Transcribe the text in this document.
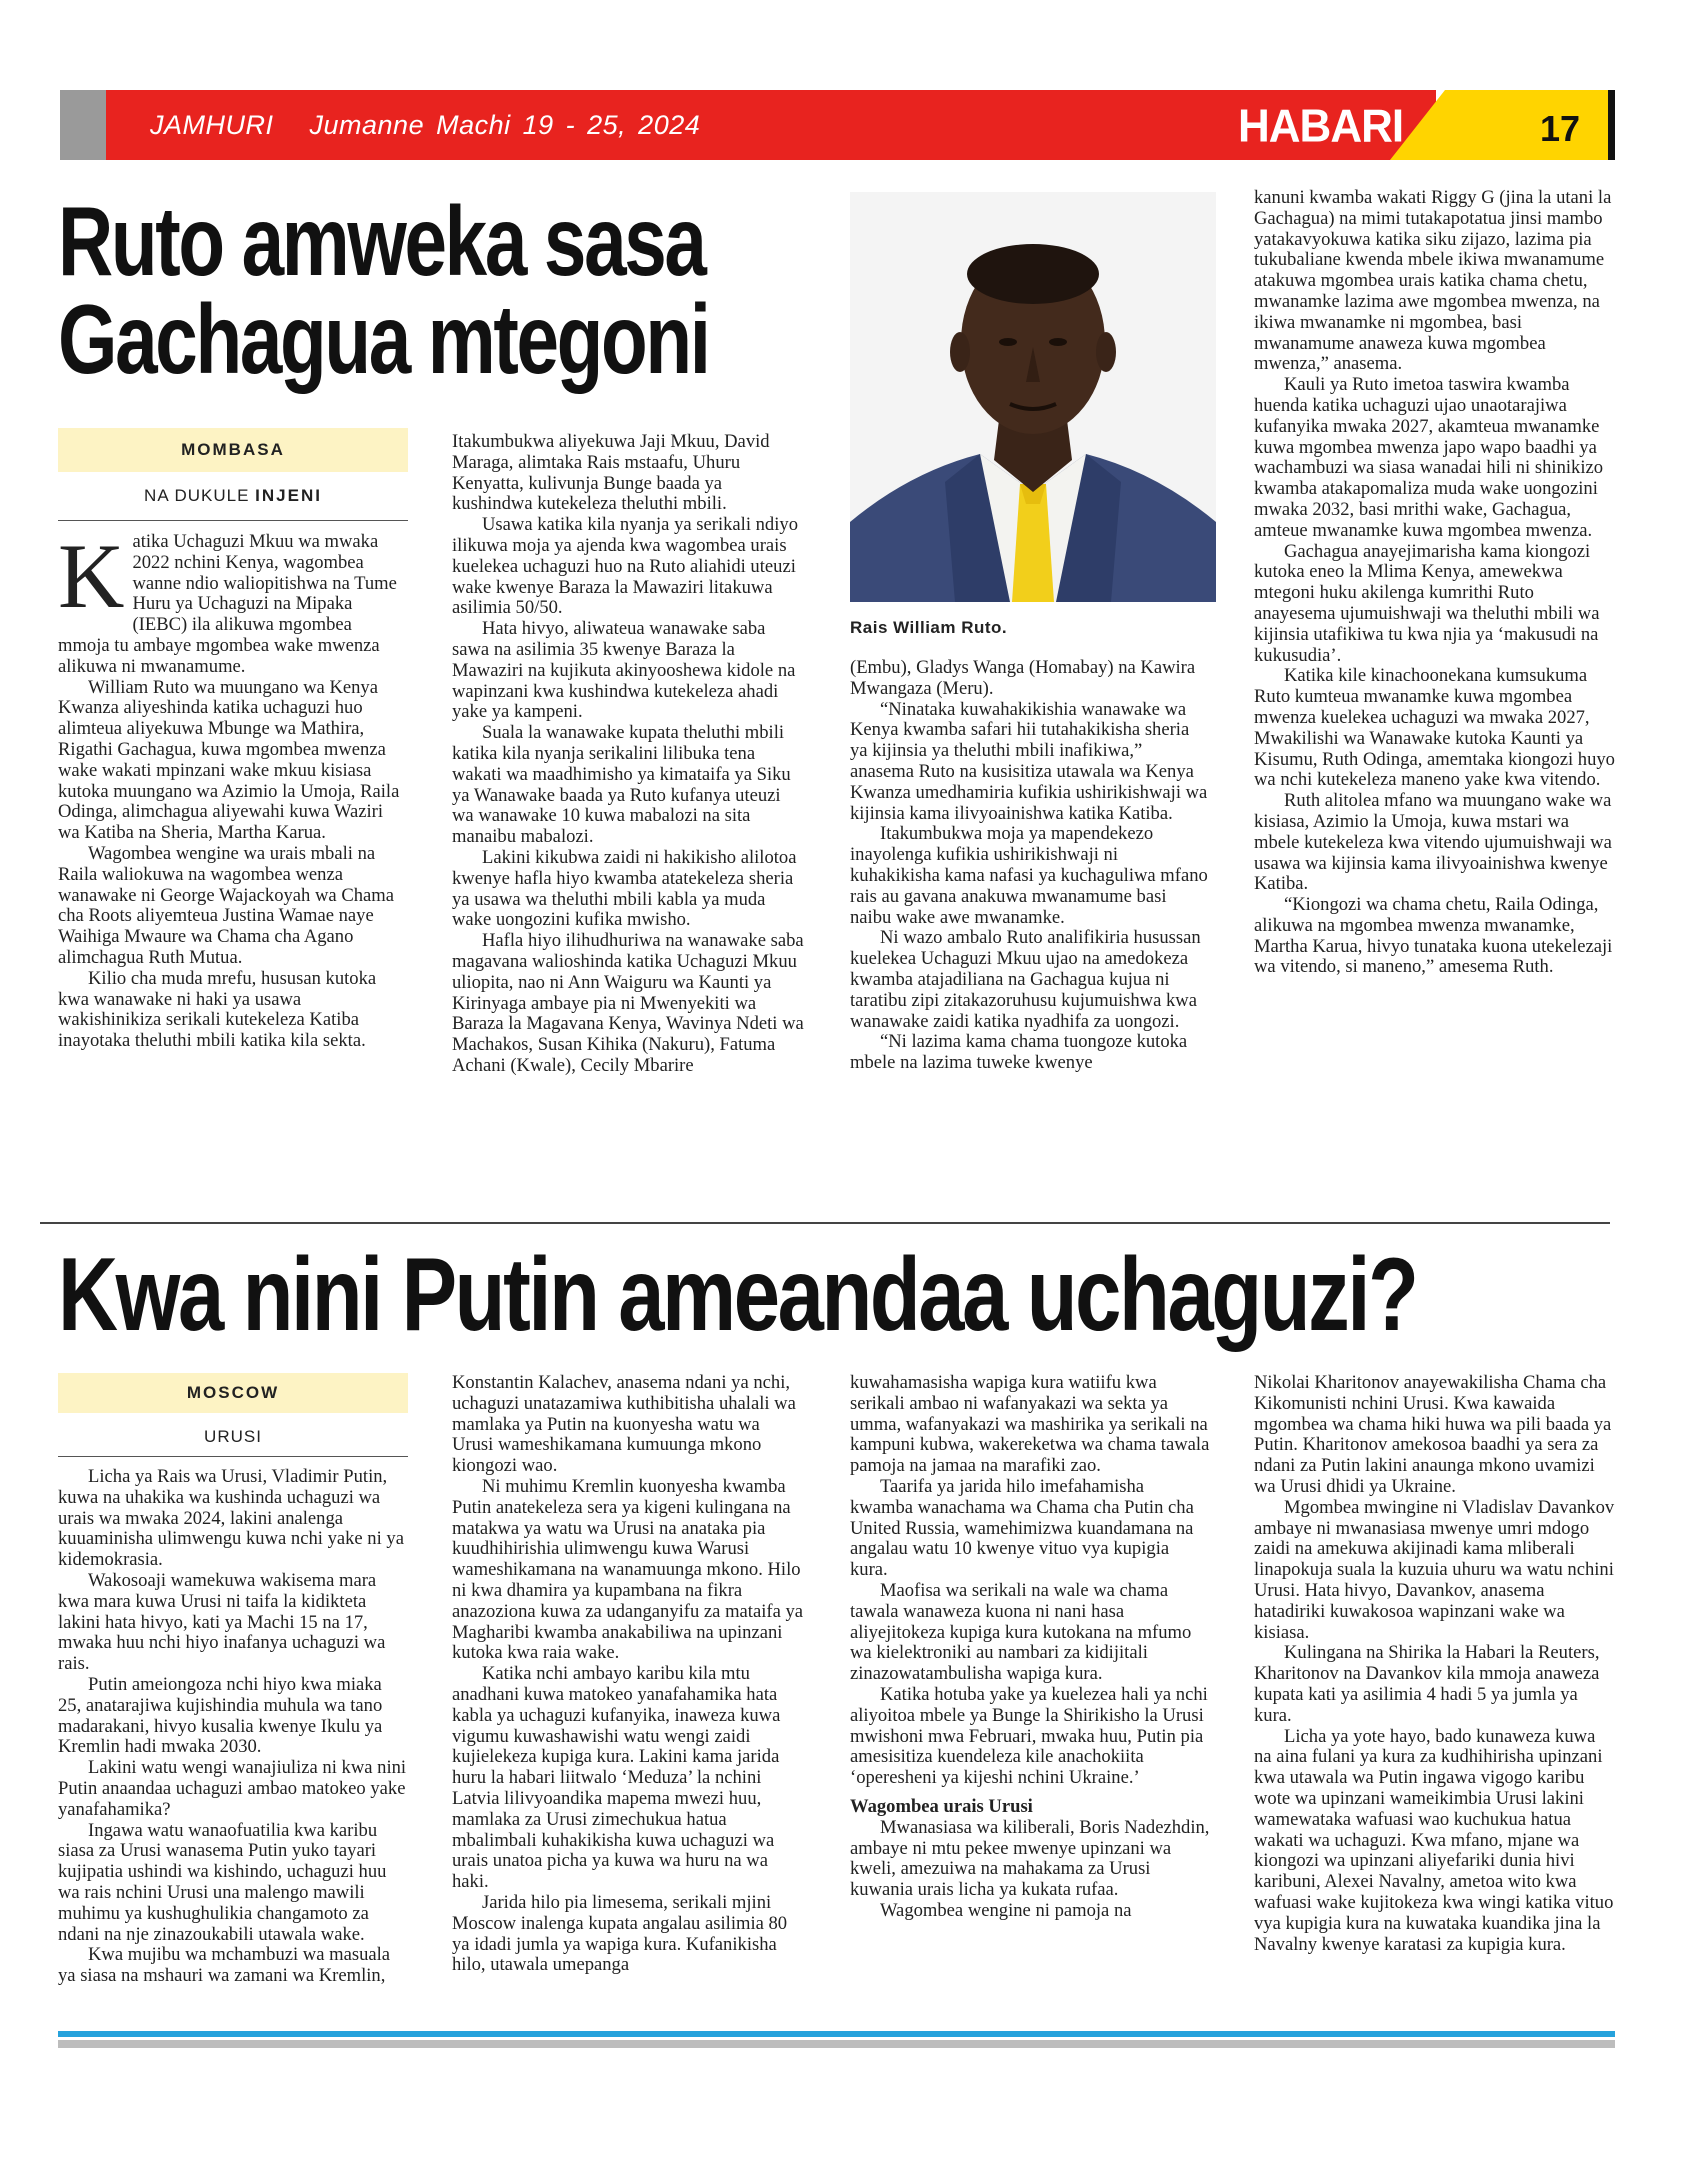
JAMHURI Jumanne Machi 19 - 25, 2024	HABARI	17
Ruto amweka sasa
Gachagua mtegoni
MOMBASA
NA DUKULE INJENI

Katika Uchaguzi Mkuu wa mwaka 2022 nchini Kenya, wagombea wanne ndio waliopitishwa na Tume Huru ya Uchaguzi na Mipaka (IEBC) ila alikuwa mgombea mmoja tu ambaye mgombea wake mwenza alikuwa ni mwanamume.

William Ruto wa muungano wa Kenya Kwanza aliyeshinda katika uchaguzi huo alimteua aliyekuwa Mbunge wa Mathira, Rigathi Gachagua, kuwa mgombea mwenza wake wakati mpinzani wake mkuu kisiasa kutoka muungano wa Azimio la Umoja, Raila Odinga, alimchagua aliyewahi kuwa Waziri wa Katiba na Sheria, Martha Karua.

Wagombea wengine wa urais mbali na Raila waliokuwa na wagombea wenza wanawake ni George Wajackoyah wa Chama cha Roots aliyemteua Justina Wamae naye Waihiga Mwaure wa Chama cha Agano alimchagua Ruth Mutua.

Kilio cha muda mrefu, hususan kutoka kwa wanawake ni haki ya usawa wakishinikiza serikali kutekeleza Katiba inayotaka theluthi mbili katika kila sekta.

Itakumbukwa aliyekuwa Jaji Mkuu, David Maraga, alimtaka Rais mstaafu, Uhuru Kenyatta, kulivunja Bunge baada ya kushindwa kutekeleza theluthi mbili.

Usawa katika kila nyanja ya serikali ndiyo ilikuwa moja ya ajenda kwa wagombea urais kuelekea uchaguzi huo na Ruto aliahidi uteuzi wake kwenye Baraza la Mawaziri litakuwa asilimia 50/50.

Hata hivyo, aliwateua wanawake saba sawa na asilimia 35 kwenye Baraza la Mawaziri na kujikuta akinyooshewa kidole na wapinzani kwa kushindwa kutekeleza ahadi yake ya kampeni.

Suala la wanawake kupata theluthi mbili katika kila nyanja serikalini lilibuka tena wakati wa maadhimisho ya kimataifa ya Siku ya Wanawake baada ya Ruto kufanya uteuzi wa wanawake 10 kuwa mabalozi na sita manaibu mabalozi.

Lakini kikubwa zaidi ni hakikisho alilotoa kwenye hafla hiyo kwamba atatekeleza sheria ya usawa wa theluthi mbili kabla ya muda wake uongozini kufika mwisho.

Hafla hiyo ilihudhuriwa na wanawake saba magavana walioshinda katika Uchaguzi Mkuu uliopita, nao ni Ann Waiguru wa Kaunti ya Kirinyaga ambaye pia ni Mwenyekiti wa Baraza la Magavana Kenya, Wavinya Ndeti wa Machakos, Susan Kihika (Nakuru), Fatuma Achani (Kwale), Cecily Mbarire

Rais William Ruto.

(Embu), Gladys Wanga (Homabay) na Kawira Mwangaza (Meru).

“Ninataka kuwahakikishia wanawake wa Kenya kwamba safari hii tutahakikisha sheria ya kijinsia ya theluthi mbili inafikiwa,” anasema Ruto na kusisitiza utawala wa Kenya Kwanza umedhamiria kufikia ushirikishwaji wa kijinsia kama ilivyoainishwa katika Katiba.

Itakumbukwa moja ya mapendekezo inayolenga kufikia ushirikishwaji ni kuhakikisha kama nafasi ya kuchaguliwa mfano rais au gavana anakuwa mwanamume basi naibu wake awe mwanamke.

Ni wazo ambalo Ruto analifikiria husussan kuelekea Uchaguzi Mkuu ujao na amedokeza kwamba atajadiliana na Gachagua kujua ni taratibu zipi zitakazoruhusu kujumuishwa kwa wanawake zaidi katika nyadhifa za uongozi.

“Ni lazima kama chama tuongoze kutoka mbele na lazima tuweke kwenye

kanuni kwamba wakati Riggy G (jina la utani la Gachagua) na mimi tutakapotatua jinsi mambo yatakavyokuwa katika siku zijazo, lazima pia tukubaliane kwenda mbele ikiwa mwanamume atakuwa mgombea urais katika chama chetu, mwanamke lazima awe mgombea mwenza, na ikiwa mwanamke ni mgombea, basi mwanamume anaweza kuwa mgombea mwenza,” anasema.

Kauli ya Ruto imetoa taswira kwamba huenda katika uchaguzi ujao unaotarajiwa kufanyika mwaka 2027, akamteua mwanamke kuwa mgombea mwenza japo wapo baadhi ya wachambuzi wa siasa wanadai hili ni shinikizo kwamba atakapomaliza muda wake uongozini mwaka 2032, basi mrithi wake, Gachagua, amteue mwanamke kuwa mgombea mwenza.

Gachagua anayejimarisha kama kiongozi kutoka eneo la Mlima Kenya, amewekwa mtegoni huku akilenga kumrithi Ruto anayesema ujumuishwaji wa theluthi mbili wa kijinsia utafikiwa tu kwa njia ya ‘makusudi na kukusudia’.

Katika kile kinachoonekana kumsukuma Ruto kumteua mwanamke kuwa mgombea mwenza kuelekea uchaguzi wa mwaka 2027, Mwakilishi wa Wanawake kutoka Kaunti ya Kisumu, Ruth Odinga, amemtaka kiongozi huyo wa nchi kutekeleza maneno yake kwa vitendo.

Ruth alitolea mfano wa muungano wake wa kisiasa, Azimio la Umoja, kuwa mstari wa mbele kutekeleza kwa vitendo ujumuishwaji wa usawa wa kijinsia kama ilivyoainishwa kwenye Katiba.

“Kiongozi wa chama chetu, Raila Odinga, alikuwa na mgombea mwenza mwanamke, Martha Karua, hivyo tunataka kuona utekelezaji wa vitendo, si maneno,” amesema Ruth.

Kwa nini Putin ameandaa uchaguzi?
MOSCOW
URUSI

Licha ya Rais wa Urusi, Vladimir Putin, kuwa na uhakika wa kushinda uchaguzi wa urais wa mwaka 2024, lakini analenga kuuaminisha ulimwengu kuwa nchi yake ni ya kidemokrasia.

Wakosoaji wamekuwa wakisema mara kwa mara kuwa Urusi ni taifa la kidikteta lakini hata hivyo, kati ya Machi 15 na 17, mwaka huu nchi hiyo inafanya uchaguzi wa rais.

Putin ameiongoza nchi hiyo kwa miaka 25, anatarajiwa kujishindia muhula wa tano madarakani, hivyo kusalia kwenye Ikulu ya Kremlin hadi mwaka 2030.

Lakini watu wengi wanajiuliza ni kwa nini Putin anaandaa uchaguzi ambao matokeo yake yanafahamika?

Ingawa watu wanaofuatilia kwa karibu siasa za Urusi wanasema Putin yuko tayari kujipatia ushindi wa kishindo, uchaguzi huu wa rais nchini Urusi una malengo mawili muhimu ya kushughulikia changamoto za ndani na nje zinazoukabili utawala wake.

Kwa mujibu wa mchambuzi wa masuala ya siasa na mshauri wa zamani wa Kremlin,

Konstantin Kalachev, anasema ndani ya nchi, uchaguzi unatazamiwa kuthibitisha uhalali wa mamlaka ya Putin na kuonyesha watu wa Urusi wameshikamana kumuunga mkono kiongozi wao.

Ni muhimu Kremlin kuonyesha kwamba Putin anatekeleza sera ya kigeni kulingana na matakwa ya watu wa Urusi na anataka pia kuudhihirishia ulimwengu kuwa Warusi wameshikamana na wanamuunga mkono. Hilo ni kwa dhamira ya kupambana na fikra anazoziona kuwa za udanganyifu za mataifa ya Magharibi kwamba anakabiliwa na upinzani kutoka kwa raia wake.

Katika nchi ambayo karibu kila mtu anadhani kuwa matokeo yanafahamika hata kabla ya uchaguzi kufanyika, inaweza kuwa vigumu kuwashawishi watu wengi zaidi kujielekeza kupiga kura. Lakini kama jarida huru la habari liitwalo ‘Meduza’ la nchini Latvia lilivyoandika mapema mwezi huu, mamlaka za Urusi zimechukua hatua mbalimbali kuhakikisha kuwa uchaguzi wa urais unatoa picha ya kuwa wa huru na wa haki.

Jarida hilo pia limesema, serikali mjini Moscow inalenga kupata angalau asilimia 80 ya idadi jumla ya wapiga kura. Kufanikisha hilo, utawala umepanga

kuwahamasisha wapiga kura watiifu kwa serikali ambao ni wafanyakazi wa sekta ya umma, wafanyakazi wa mashirika ya serikali na kampuni kubwa, wakereketwa wa chama tawala pamoja na jamaa na marafiki zao.

Taarifa ya jarida hilo imefahamisha kwamba wanachama wa Chama cha Putin cha United Russia, wamehimizwa kuandamana na angalau watu 10 kwenye vituo vya kupigia kura.

Maofisa wa serikali na wale wa chama tawala wanaweza kuona ni nani hasa aliyejitokeza kupiga kura kutokana na mfumo wa kielektroniki au nambari za kidijitali zinazowatambulisha wapiga kura.

Katika hotuba yake ya kuelezea hali ya nchi aliyoitoa mbele ya Bunge la Shirikisho la Urusi mwishoni mwa Februari, mwaka huu, Putin pia amesisitiza kuendeleza kile anachokiita ‘operesheni ya kijeshi nchini Ukraine.’

Wagombea urais Urusi

Mwanasiasa wa kiliberali, Boris Nadezhdin, ambaye ni mtu pekee mwenye upinzani wa kweli, amezuiwa na mahakama za Urusi kuwania urais licha ya kukata rufaa.

Wagombea wengine ni pamoja na

Nikolai Kharitonov anayewakilisha Chama cha Kikomunisti nchini Urusi. Kwa kawaida mgombea wa chama hiki huwa wa pili baada ya Putin. Kharitonov amekosoa baadhi ya sera za ndani za Putin lakini anaunga mkono uvamizi wa Urusi dhidi ya Ukraine.

Mgombea mwingine ni Vladislav Davankov ambaye ni mwanasiasa mwenye umri mdogo zaidi na amekuwa akijinadi kama mliberali linapokuja suala la kuzuia uhuru wa watu nchini Urusi. Hata hivyo, Davankov, anasema hatadiriki kuwakosoa wapinzani wake wa kisiasa.

Kulingana na Shirika la Habari la Reuters, Kharitonov na Davankov kila mmoja anaweza kupata kati ya asilimia 4 hadi 5 ya jumla ya kura.

Licha ya yote hayo, bado kunaweza kuwa na aina fulani ya kura za kudhihirisha upinzani kwa utawala wa Putin ingawa vigogo karibu wote wa upinzani wameikimbia Urusi lakini wamewataka wafuasi wao kuchukua hatua wakati wa uchaguzi. Kwa mfano, mjane wa kiongozi wa upinzani aliyefariki dunia hivi karibuni, Alexei Navalny, ametoa wito kwa wafuasi wake kujitokeza kwa wingi katika vituo vya kupigia kura na kuwataka kuandika jina la Navalny kwenye karatasi za kupigia kura.
